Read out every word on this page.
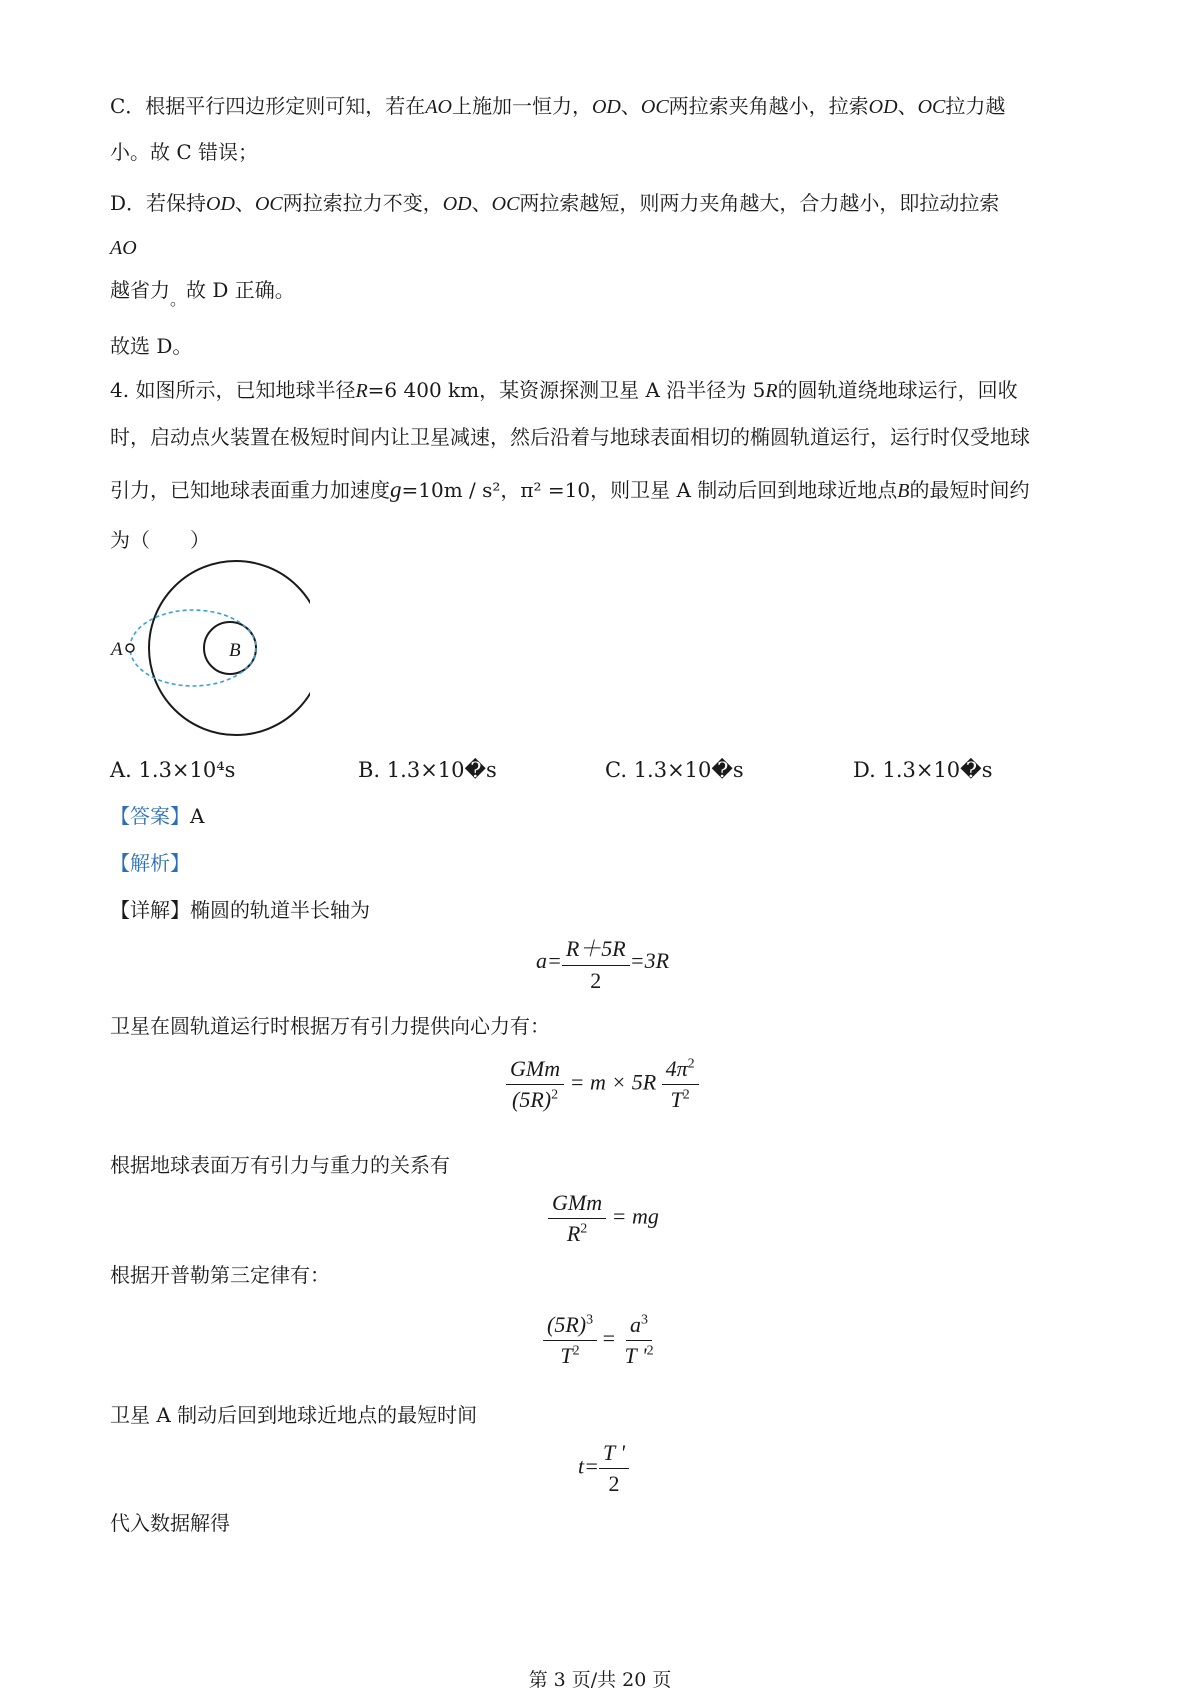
C．根据平行四边形定则可知，若在AO上施加一恒力，OD、OC两拉索夹角越小，拉索OD、OC拉力越
小。故 C 错误；
D．若保持OD、OC两拉索拉力不变，OD、OC两拉索越短，则两力夹角越大，合力越小，即拉动拉索
AO
越省力$_。$故 D 正确。
故选 D。
4. 如图所示，已知地球半径R=6 400 km，某资源探测卫星 A 沿半径为 5R的圆轨道绕地球运行，回收
时，启动点火装置在极短时间内让卫星减速，然后沿着与地球表面相切的椭圆轨道运行，运行时仅受地球
引力，已知地球表面重力加速度g=10m / s²，π² =10，则卫星 A 制动后回到地球近地点B的最短时间约
为（　　）
A	B
A. 1.3×10⁴s	B. 1.3×10�s	C. 1.3×10�s	D. 1.3×10�s
【答案】A
【解析】
【详解】椭圆的轨道半长轴为
$a= \frac{R+5R}{2} =3R$
卫星在圆轨道运行时根据万有引力提供向心力有：
$\frac{\text{GMm}}{(5R)^2} = m \times 5R \frac{4\pi^2}{T^2}$
根据地球表面万有引力与重力的关系有
$\frac{\text{GMm}}{R^2}$ = mg
根据开普勒第三定律有：
$\frac{(5R)^3}{T^2} = \frac{a^3}{T '^2}$
卫星 A 制动后回到地球近地点的最短时间
$t= \frac{T '}{2}$
代入数据解得
第 3 页/共 20 页
